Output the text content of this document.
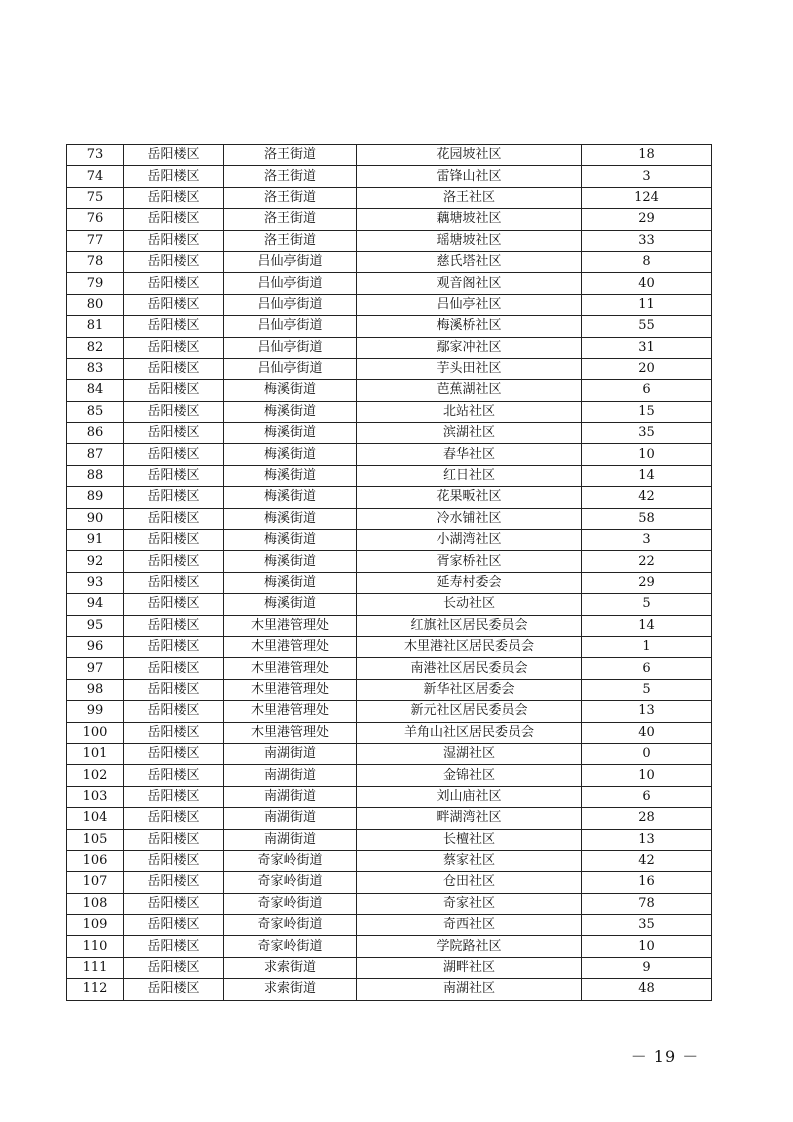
73	岳阳楼区	洛王街道	花园坡社区	18
74	岳阳楼区	洛王街道	雷锋山社区	3
75	岳阳楼区	洛王街道	洛王社区	124
76	岳阳楼区	洛王街道	藕塘坡社区	29
77	岳阳楼区	洛王街道	瑶塘坡社区	33
78	岳阳楼区	吕仙亭街道	慈氏塔社区	8
79	岳阳楼区	吕仙亭街道	观音阁社区	40
80	岳阳楼区	吕仙亭街道	吕仙亭社区	11
81	岳阳楼区	吕仙亭街道	梅溪桥社区	55
82	岳阳楼区	吕仙亭街道	鄢家冲社区	31
83	岳阳楼区	吕仙亭街道	芋头田社区	20
84	岳阳楼区	梅溪街道	芭蕉湖社区	6
85	岳阳楼区	梅溪街道	北站社区	15
86	岳阳楼区	梅溪街道	滨湖社区	35
87	岳阳楼区	梅溪街道	春华社区	10
88	岳阳楼区	梅溪街道	红日社区	14
89	岳阳楼区	梅溪街道	花果畈社区	42
90	岳阳楼区	梅溪街道	冷水铺社区	58
91	岳阳楼区	梅溪街道	小湖湾社区	3
92	岳阳楼区	梅溪街道	胥家桥社区	22
93	岳阳楼区	梅溪街道	延寿村委会	29
94	岳阳楼区	梅溪街道	长动社区	5
95	岳阳楼区	木里港管理处	红旗社区居民委员会	14
96	岳阳楼区	木里港管理处	木里港社区居民委员会	1
97	岳阳楼区	木里港管理处	南港社区居民委员会	6
98	岳阳楼区	木里港管理处	新华社区居委会	5
99	岳阳楼区	木里港管理处	新元社区居民委员会	13
100	岳阳楼区	木里港管理处	羊角山社区居民委员会	40
101	岳阳楼区	南湖街道	湿湖社区	0
102	岳阳楼区	南湖街道	金锦社区	10
103	岳阳楼区	南湖街道	刘山庙社区	6
104	岳阳楼区	南湖街道	畔湖湾社区	28
105	岳阳楼区	南湖街道	长檀社区	13
106	岳阳楼区	奇家岭街道	蔡家社区	42
107	岳阳楼区	奇家岭街道	仓田社区	16
108	岳阳楼区	奇家岭街道	奇家社区	78
109	岳阳楼区	奇家岭街道	奇西社区	35
110	岳阳楼区	奇家岭街道	学院路社区	10
111	岳阳楼区	求索街道	湖畔社区	9
112	岳阳楼区	求索街道	南湖社区	48
－ 19 －
